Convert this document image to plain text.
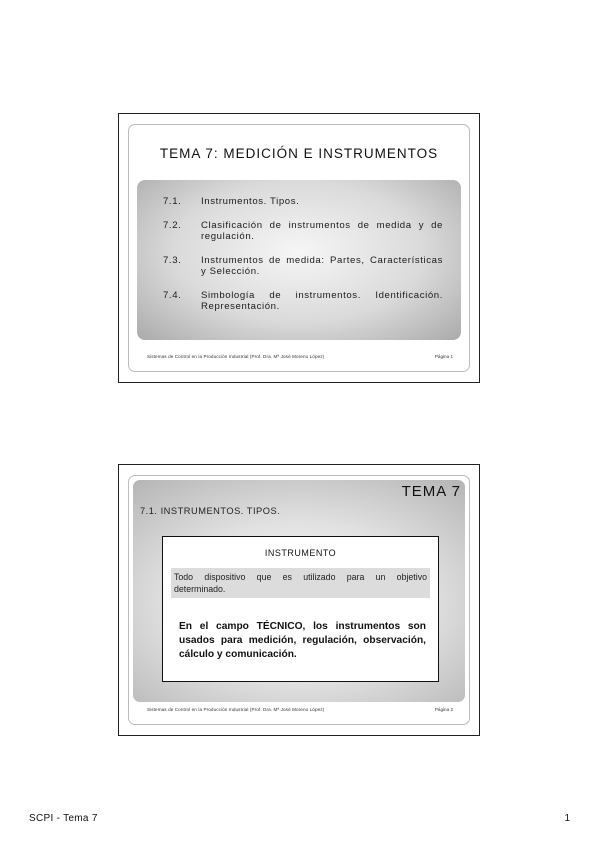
TEMA 7: MEDICIÓN E INSTRUMENTOS
7.1.	Instrumentos. Tipos.
7.2.	Clasificación de instrumentos de medida y de regulación.
7.3.	Instrumentos de medida: Partes, Características y Selección.
7.4.	Simbología de instrumentos. Identificación. Representación.
Sistemas de Control en la Producción Industrial (Prof. Dra. Mª José Moreno López)	Página 1
TEMA 7
7.1. INSTRUMENTOS. TIPOS.
INSTRUMENTO
Todo dispositivo que es utilizado para un objetivo
determinado.
En el campo TÉCNICO, los instrumentos son
usados para medición, regulación, observación,
cálculo y comunicación.
Sistemas de Control en la Producción Industrial (Prof. Dra. Mª José Moreno López)	Página 2
SCPI - Tema 7	1
